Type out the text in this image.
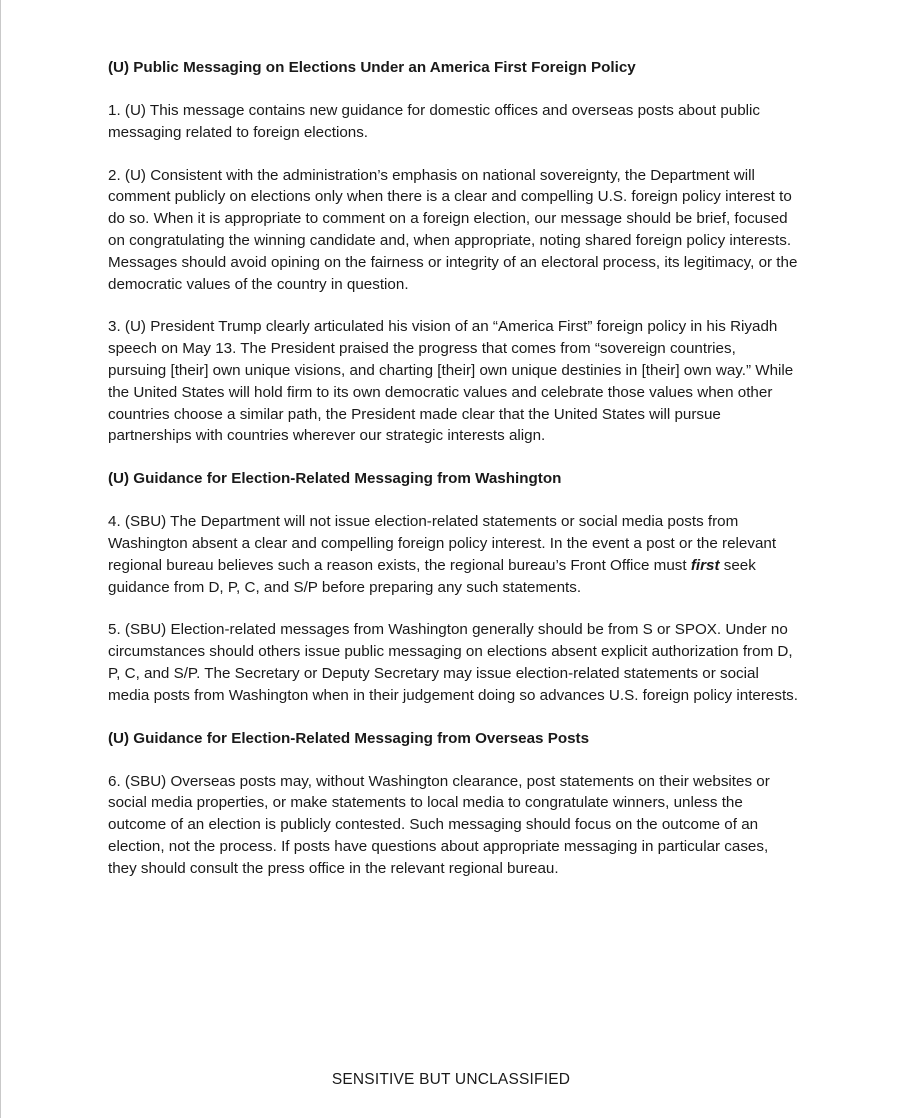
(U) Public Messaging on Elections Under an America First Foreign Policy

1. (U) This message contains new guidance for domestic offices and overseas posts about public messaging related to foreign elections.

2. (U) Consistent with the administration’s emphasis on national sovereignty, the Department will comment publicly on elections only when there is a clear and compelling U.S. foreign policy interest to do so. When it is appropriate to comment on a foreign election, our message should be brief, focused on congratulating the winning candidate and, when appropriate, noting shared foreign policy interests. Messages should avoid opining on the fairness or integrity of an electoral process, its legitimacy, or the democratic values of the country in question.

3. (U) President Trump clearly articulated his vision of an “America First” foreign policy in his Riyadh speech on May 13. The President praised the progress that comes from “sovereign countries, pursuing [their] own unique visions, and charting [their] own unique destinies in [their] own way.” While the United States will hold firm to its own democratic values and celebrate those values when other countries choose a similar path, the President made clear that the United States will pursue partnerships with countries wherever our strategic interests align.

(U) Guidance for Election-Related Messaging from Washington

4. (SBU) The Department will not issue election-related statements or social media posts from Washington absent a clear and compelling foreign policy interest. In the event a post or the relevant regional bureau believes such a reason exists, the regional bureau’s Front Office must first seek guidance from D, P, C, and S/P before preparing any such statements.

5. (SBU) Election-related messages from Washington generally should be from S or SPOX. Under no circumstances should others issue public messaging on elections absent explicit authorization from D, P, C, and S/P. The Secretary or Deputy Secretary may issue election-related statements or social media posts from Washington when in their judgement doing so advances U.S. foreign policy interests.

(U) Guidance for Election-Related Messaging from Overseas Posts

6. (SBU) Overseas posts may, without Washington clearance, post statements on their websites or social media properties, or make statements to local media to congratulate winners, unless the outcome of an election is publicly contested. Such messaging should focus on the outcome of an election, not the process. If posts have questions about appropriate messaging in particular cases, they should consult the press office in the relevant regional bureau.

SENSITIVE BUT UNCLASSIFIED
